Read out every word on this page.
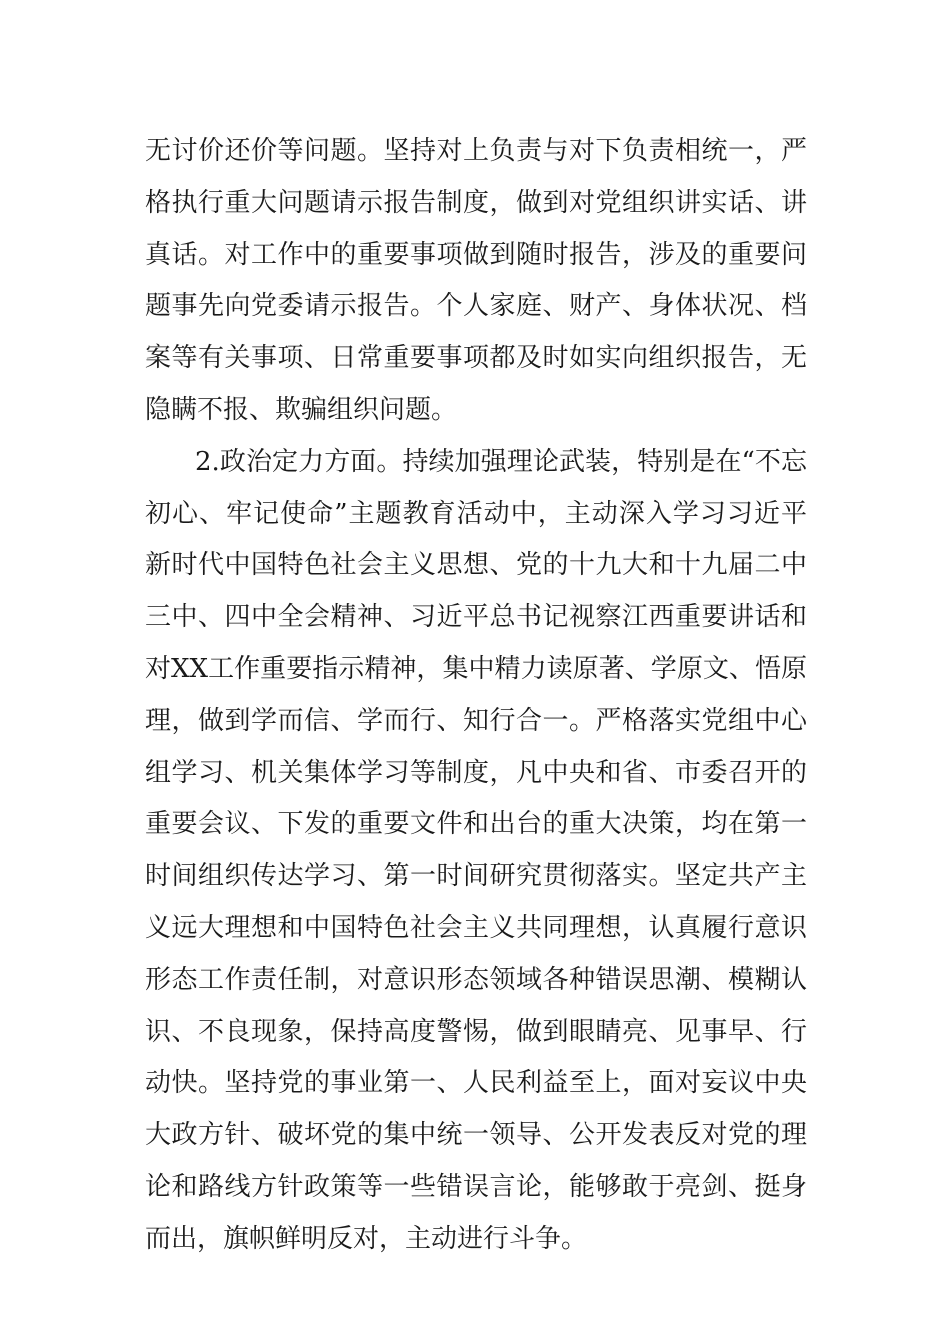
无讨价还价等问题。坚持对上负责与对下负责相统一，严
格执行重大问题请示报告制度，做到对党组织讲实话、讲
真话。对工作中的重要事项做到随时报告，涉及的重要问
题事先向党委请示报告。个人家庭、财产、身体状况、档
案等有关事项、日常重要事项都及时如实向组织报告，无
隐瞒不报、欺骗组织问题。
2.政治定力方面。持续加强理论武装，特别是在“不忘
初心、牢记使命”主题教育活动中，主动深入学习习近平
新时代中国特色社会主义思想、党的十九大和十九届二中
三中、四中全会精神、习近平总书记视察江西重要讲话和
对XX工作重要指示精神，集中精力读原著、学原文、悟原
理，做到学而信、学而行、知行合一。严格落实党组中心
组学习、机关集体学习等制度，凡中央和省、市委召开的
重要会议、下发的重要文件和出台的重大决策，均在第一
时间组织传达学习、第一时间研究贯彻落实。坚定共产主
义远大理想和中国特色社会主义共同理想，认真履行意识
形态工作责任制，对意识形态领域各种错误思潮、模糊认
识、不良现象，保持高度警惕，做到眼睛亮、见事早、行
动快。坚持党的事业第一、人民利益至上，面对妄议中央
大政方针、破坏党的集中统一领导、公开发表反对党的理
论和路线方针政策等一些错误言论，能够敢于亮剑、挺身
而出，旗帜鲜明反对，主动进行斗争。
